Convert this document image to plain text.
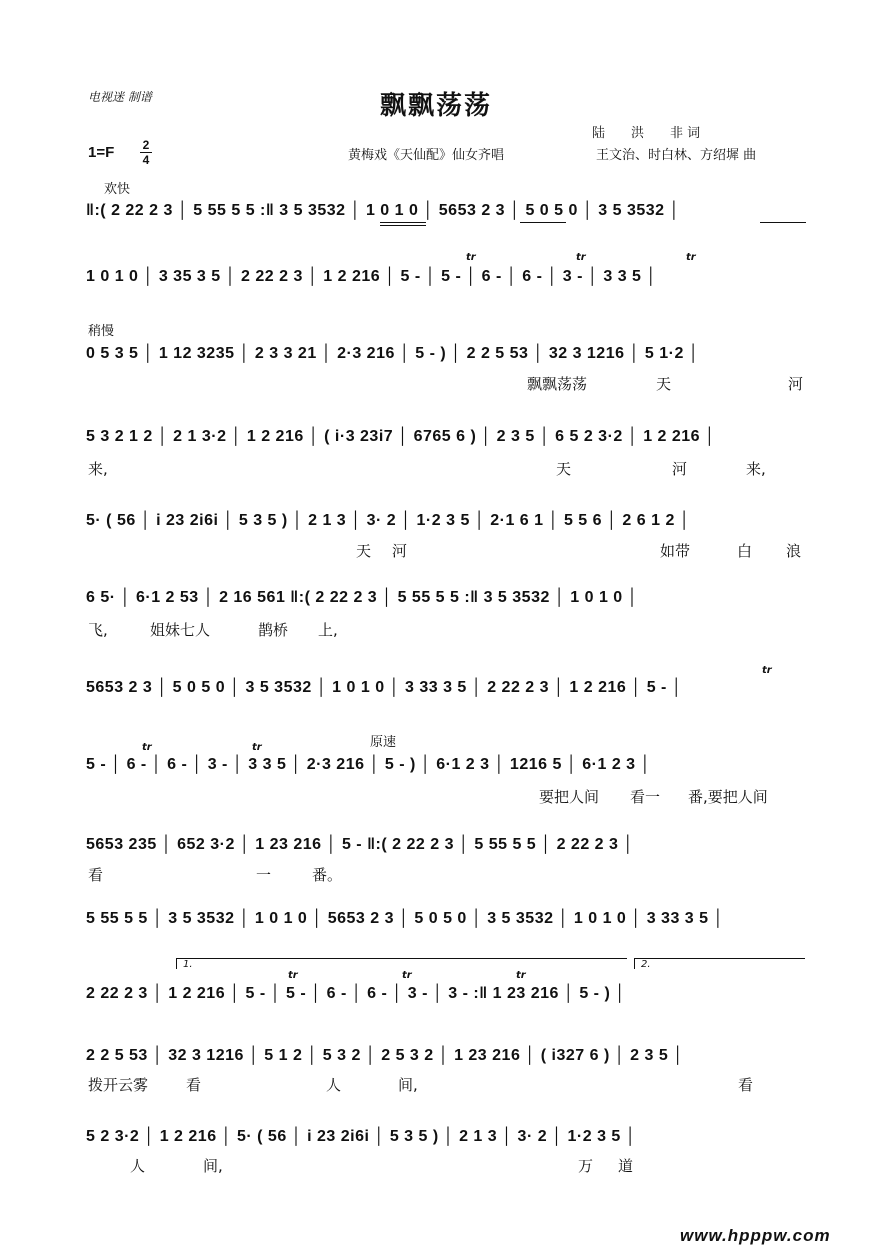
电视迷 制谱	飘飘荡荡
陆　　洪　　非 词
黄梅戏《天仙配》仙女齐唱	王文治、时白林、方绍墀 曲
1=F 2
4
欢快
稍慢
原速
‖:( 2 22 2 3 │ 5 55 5 5 :‖ 3 5 3532 │ 1 0 1 0 │ 5653 2 3 │ 5 0 5 0 │ 3 5 3532 │
1 0 1 0 │ 3 35 3 5 │ 2 22 2 3 │ 1 2 216 │ 5 - │ 5 - │ 6 - │ 6 - │ 3 - │ 3 3 5 │
0 5 3 5 │ 1 12 3235 │ 2 3 3 21 │ 2·3 216 │ 5 - ) │ 2 2 5 53 │ 32 3 1216 │ 5 1·2 │
5 3 2 1 2 │ 2 1 3·2 │ 1 2 216 │ ( i·3 23i7 │ 6765 6 ) │ 2 3 5 │ 6 5 2 3·2 │ 1 2 216 │
5· ( 56 │ i 23 2i6i │ 5 3 5 ) │ 2 1 3 │ 3· 2 │ 1·2 3 5 │ 2·1 6 1 │ 5 5 6 │ 2 6 1 2 │
6 5· │ 6·1 2 53 │ 2 16 561 ‖:( 2 22 2 3 │ 5 55 5 5 :‖ 3 5 3532 │ 1 0 1 0 │
5653 2 3 │ 5 0 5 0 │ 3 5 3532 │ 1 0 1 0 │ 3 33 3 5 │ 2 22 2 3 │ 1 2 216 │ 5 - │
5 - │ 6 - │ 6 - │ 3 - │ 3 3 5 │ 2·3 216 │ 5 - ) │ 6·1 2 3 │ 1216 5 │ 6·1 2 3 │
5653 235 │ 652 3·2 │ 1 23 216 │ 5 - ‖:( 2 22 2 3 │ 5 55 5 5 │ 2 22 2 3 │
5 55 5 5 │ 3 5 3532 │ 1 0 1 0 │ 5653 2 3 │ 5 0 5 0 │ 3 5 3532 │ 1 0 1 0 │ 3 33 3 5 │
2 22 2 3 │ 1 2 216 │ 5 - │ 5 - │ 6 - │ 6 - │ 3 - │ 3 - :‖ 1 23 216 │ 5 - ) │
2 2 5 53 │ 32 3 1216 │ 5 1 2 │ 5 3 2 │ 2 5 3 2 │ 1 23 216 │ ( i327 6 ) │ 2 3 5 │
5 2 3·2 │ 1 2 216 │ 5· ( 56 │ i 23 2i6i │ 5 3 5 ) │ 2 1 3 │ 3· 2 │ 1·2 3 5 │
1.	2.
tr	tr	tr
tr
tr	tr
tr	tr	tr
飘飘荡荡	天	河
来,	天	河	来,
天 河	如带	白 浪
飞,	姐妹七人	鹊桥 上,
要把人间 看一 番,要把人间
看	一	番。
拨开云雾	看	人	间,	看
人	间,	万 道
www.hpppw.com
